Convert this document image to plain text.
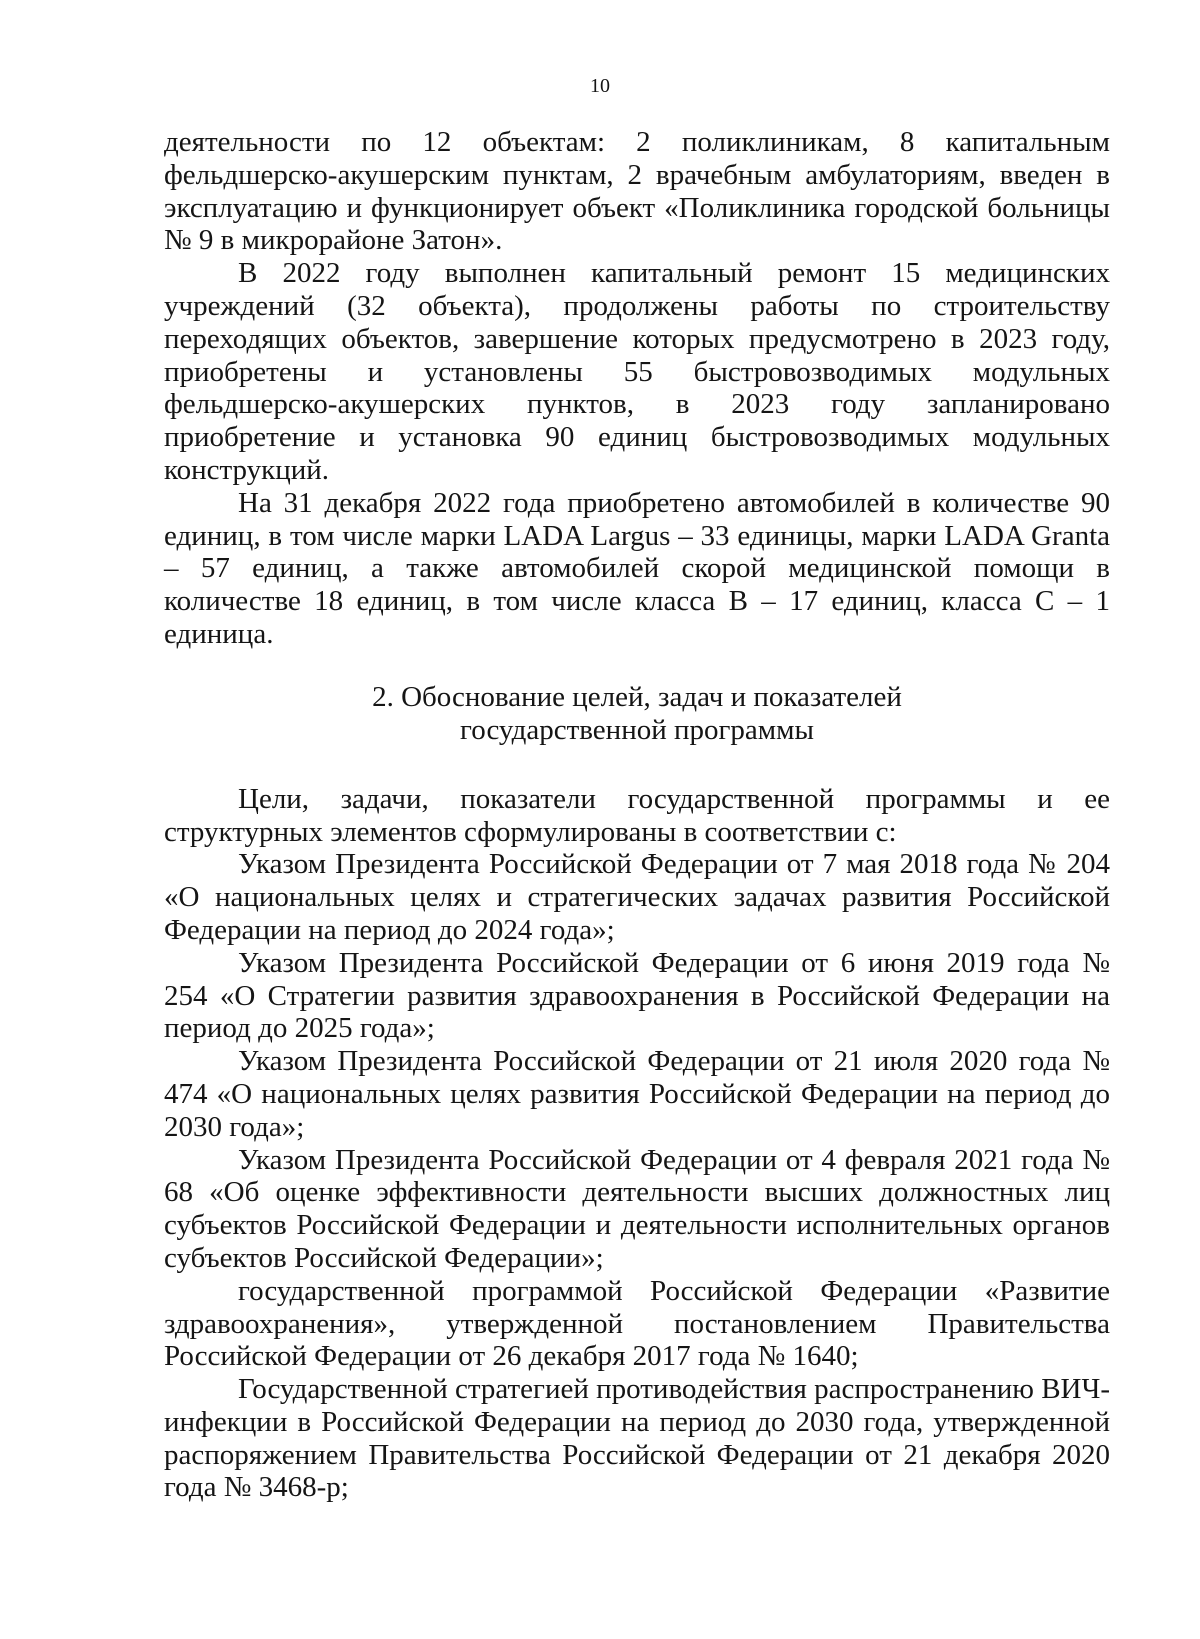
10

деятельности по 12 объектам: 2 поликлиникам, 8 капитальным фельдшерско-акушерским пунктам, 2 врачебным амбулаториям, введен в эксплуатацию и функционирует объект «Поликлиника городской больницы № 9 в микрорайоне Затон».

В 2022 году выполнен капитальный ремонт 15 медицинских учреждений (32 объекта), продолжены работы по строительству переходящих объектов, завершение которых предусмотрено в 2023 году, приобретены и установлены 55 быстровозводимых модульных фельдшерско-акушерских пунктов, в 2023 году запланировано приобретение и установка 90 единиц быстровозводимых модульных конструкций.

На 31 декабря 2022 года приобретено автомобилей в количестве 90 единиц, в том числе марки LADA Largus – 33 единицы, марки LADA Granta – 57 единиц, а также автомобилей скорой медицинской помощи в количестве 18 единиц, в том числе класса В – 17 единиц, класса С – 1 единица.

2. Обоснование целей, задач и показателей
государственной программы

Цели, задачи, показатели государственной программы и ее структурных элементов сформулированы в соответствии с:

Указом Президента Российской Федерации от 7 мая 2018 года № 204 «О национальных целях и стратегических задачах развития Российской Федерации на период до 2024 года»;

Указом Президента Российской Федерации от 6 июня 2019 года № 254 «О Стратегии развития здравоохранения в Российской Федерации на период до 2025 года»;

Указом Президента Российской Федерации от 21 июля 2020 года № 474 «О национальных целях развития Российской Федерации на период до 2030 года»;

Указом Президента Российской Федерации от 4 февраля 2021 года № 68 «Об оценке эффективности деятельности высших должностных лиц субъектов Российской Федерации и деятельности исполнительных органов субъектов Российской Федерации»;

государственной программой Российской Федерации «Развитие здравоохранения», утвержденной постановлением Правительства Российской Федерации от 26 декабря 2017 года № 1640;

Государственной стратегией противодействия распространению ВИЧ-инфекции в Российской Федерации на период до 2030 года, утвержденной распоряжением Правительства Российской Федерации от 21 декабря 2020 года № 3468-р;
